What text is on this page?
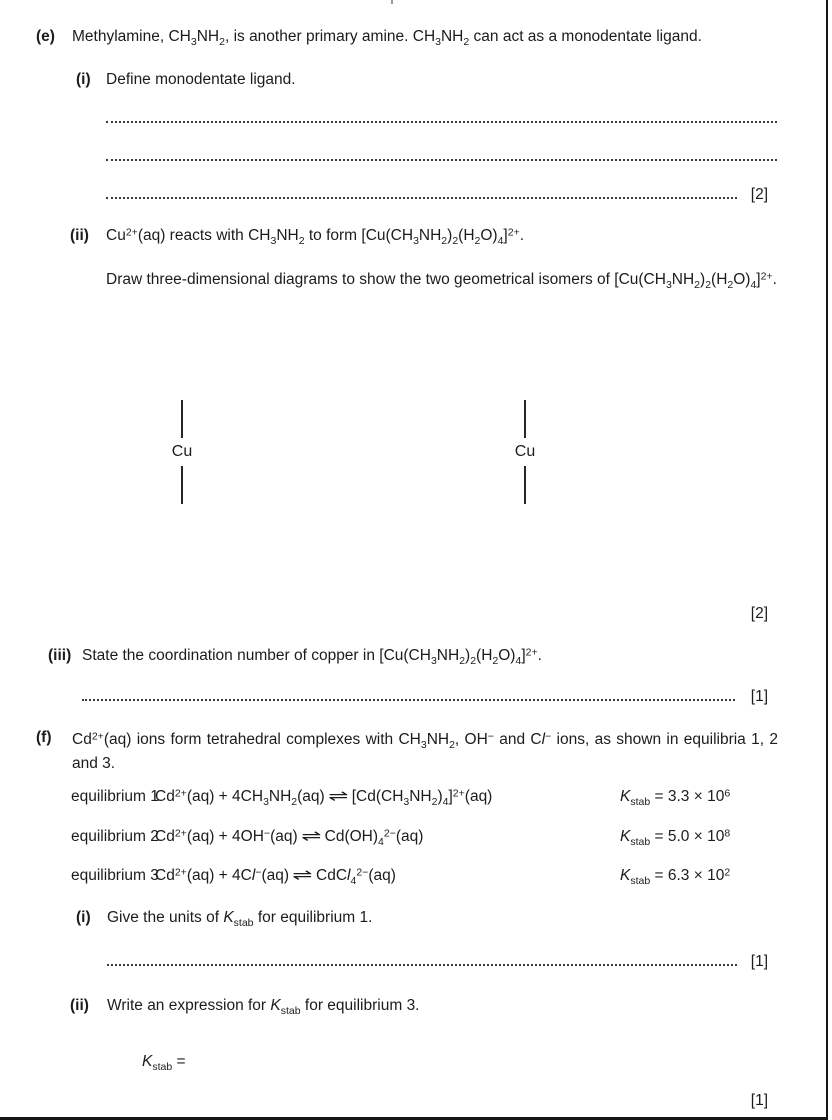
(e) Methylamine, $CH_3NH_2$, is another primary amine. $CH_3NH_2$ can act as a monodentate ligand.
(i) Define monodentate ligand.
[2]
(ii) $Cu^{2+}(aq)$ reacts with $CH_3NH_2$ to form $[Cu(CH_3NH_2)_2(H_2O)_4]^{2+}$.
Draw three-dimensional diagrams to show the two geometrical isomers of $[Cu(CH_3NH_2)_2(H_2O)_4]^{2+}$.
Cu	Cu
[2]
(iii) State the coordination number of copper in $[Cu(CH_3NH_2)_2(H_2O)_4]^{2+}$.
[1]
(f) $Cd^{2+}(aq)$ ions form tetrahedral complexes with $CH_3NH_2$, OH− and Cl− ions, as shown in equilibria 1, 2 and 3.
equilibrium $1Cd^{2+}(aq) + 4CH_3NH_2(aq)$ ⇌ $[Cd(CH_3NH_2)_4]^{2+}(aq)$	$K_{stab} = 3.3 \times 10^6$
equilibrium $2Cd^{2+}(aq) + 4OH^-(aq)$ ⇌ $Cd(OH)_4^{2-}(aq)$	$K_{stab} = 5.0 \times 10^8$
equilibrium $3Cd^{2+}(aq) + 4Cl^-(aq)$ ⇌ CdCl$_4^{2-}$(aq)	$K_{stab} = 6.3 \times 10^2$
(i) Give the units of $K_{stab}$ for equilibrium 1.
[1]
(ii) Write an expression for $K_{stab}$ for equilibrium 3.
$K_{stab}$ =
[1]
